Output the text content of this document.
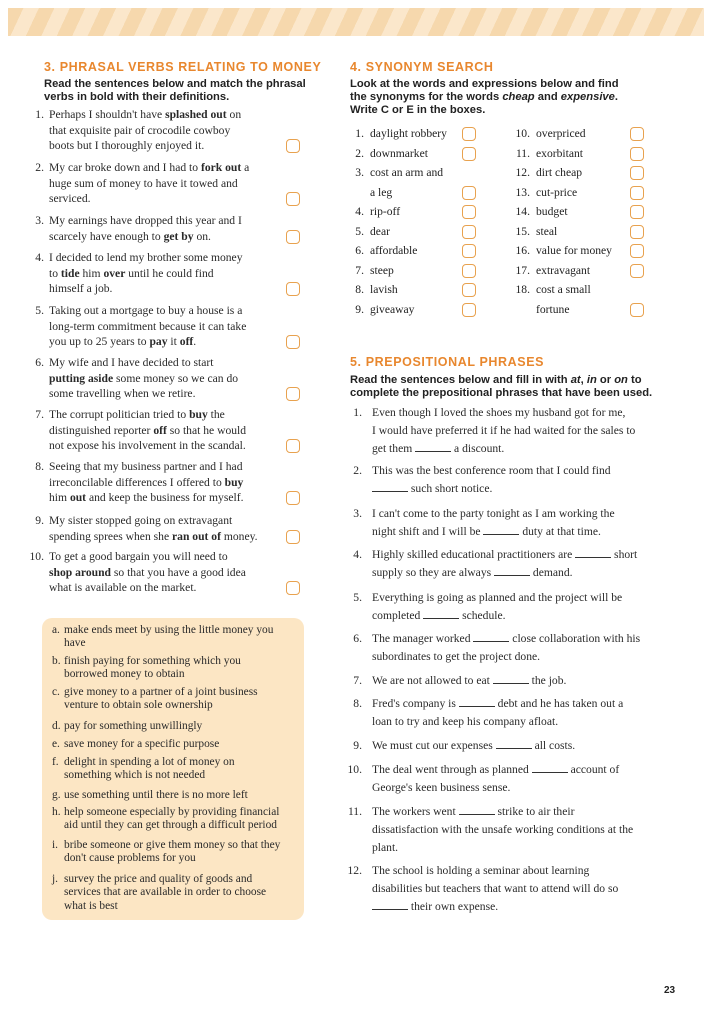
3. PHRASAL VERBS RELATING TO MONEY
Read the sentences below and match the phrasal verbs in bold with their definitions.
1. Perhaps I shouldn't have splashed out on
that exquisite pair of crocodile cowboy
boots but I thoroughly enjoyed it.
2. My car broke down and I had to fork out a
huge sum of money to have it towed and
serviced.
3. My earnings have dropped this year and I
scarcely have enough to get by on.
4. I decided to lend my brother some money
to tide him over until he could find
himself a job.
5. Taking out a mortgage to buy a house is a
long-term commitment because it can take
you up to 25 years to pay it off.
6. My wife and I have decided to start
putting aside some money so we can do
some travelling when we retire.
7. The corrupt politician tried to buy the
distinguished reporter off so that he would
not expose his involvement in the scandal.
8. Seeing that my business partner and I had
irreconcilable differences I offered to buy
him out and keep the business for myself.
9. My sister stopped going on extravagant
spending sprees when she ran out of money.
10. To get a good bargain you will need to
shop around so that you have a good idea
what is available on the market.
a. make ends meet by using the little money you
have
b. finish paying for something which you
borrowed money to obtain
c. give money to a partner of a joint business
venture to obtain sole ownership
d. pay for something unwillingly
e. save money for a specific purpose
f. delight in spending a lot of money on
something which is not needed
g. use something until there is no more left
h. help someone especially by providing financial
aid until they can get through a difficult period
i. bribe someone or give them money so that they
don't cause problems for you
j. survey the price and quality of goods and
services that are available in order to choose
what is best
4. SYNONYM SEARCH
Look at the words and expressions below and find
the synonyms for the words cheap and expensive.
Write C or E in the boxes.
1. daylight robbery
2. downmarket
3. cost an arm and
a leg
4. rip-off
5. dear
6. affordable
7. steep
8. lavish
9. giveaway
10. overpriced
11. exorbitant
12. dirt cheap
13. cut-price
14. budget
15. steal
16. value for money
17. extravagant
18. cost a small
fortune
5. PREPOSITIONAL PHRASES
Read the sentences below and fill in with at, in or on to
complete the prepositional phrases that have been used.
1. Even though I loved the shoes my husband got for me,
I would have preferred it if he had waited for the sales to
get them	a discount.
2. This was the best conference room that I could find
such short notice.
3. I can't come to the party tonight as I am working the
night shift and I will be	duty at that time.
4. Highly skilled educational practitioners are	short
supply so they are always	demand.
5. Everything is going as planned and the project will be
completed	schedule.
6. The manager worked	close collaboration with his
subordinates to get the project done.
7. We are not allowed to eat	the job.
8. Fred's company is	debt and he has taken out a
loan to try and keep his company afloat.
9. We must cut our expenses	all costs.
10. The deal went through as planned	account of
George's keen business sense.
11. The workers went	strike to air their
dissatisfaction with the unsafe working conditions at the
plant.
12. The school is holding a seminar about learning
disabilities but teachers that want to attend will do so
their own expense.
23
